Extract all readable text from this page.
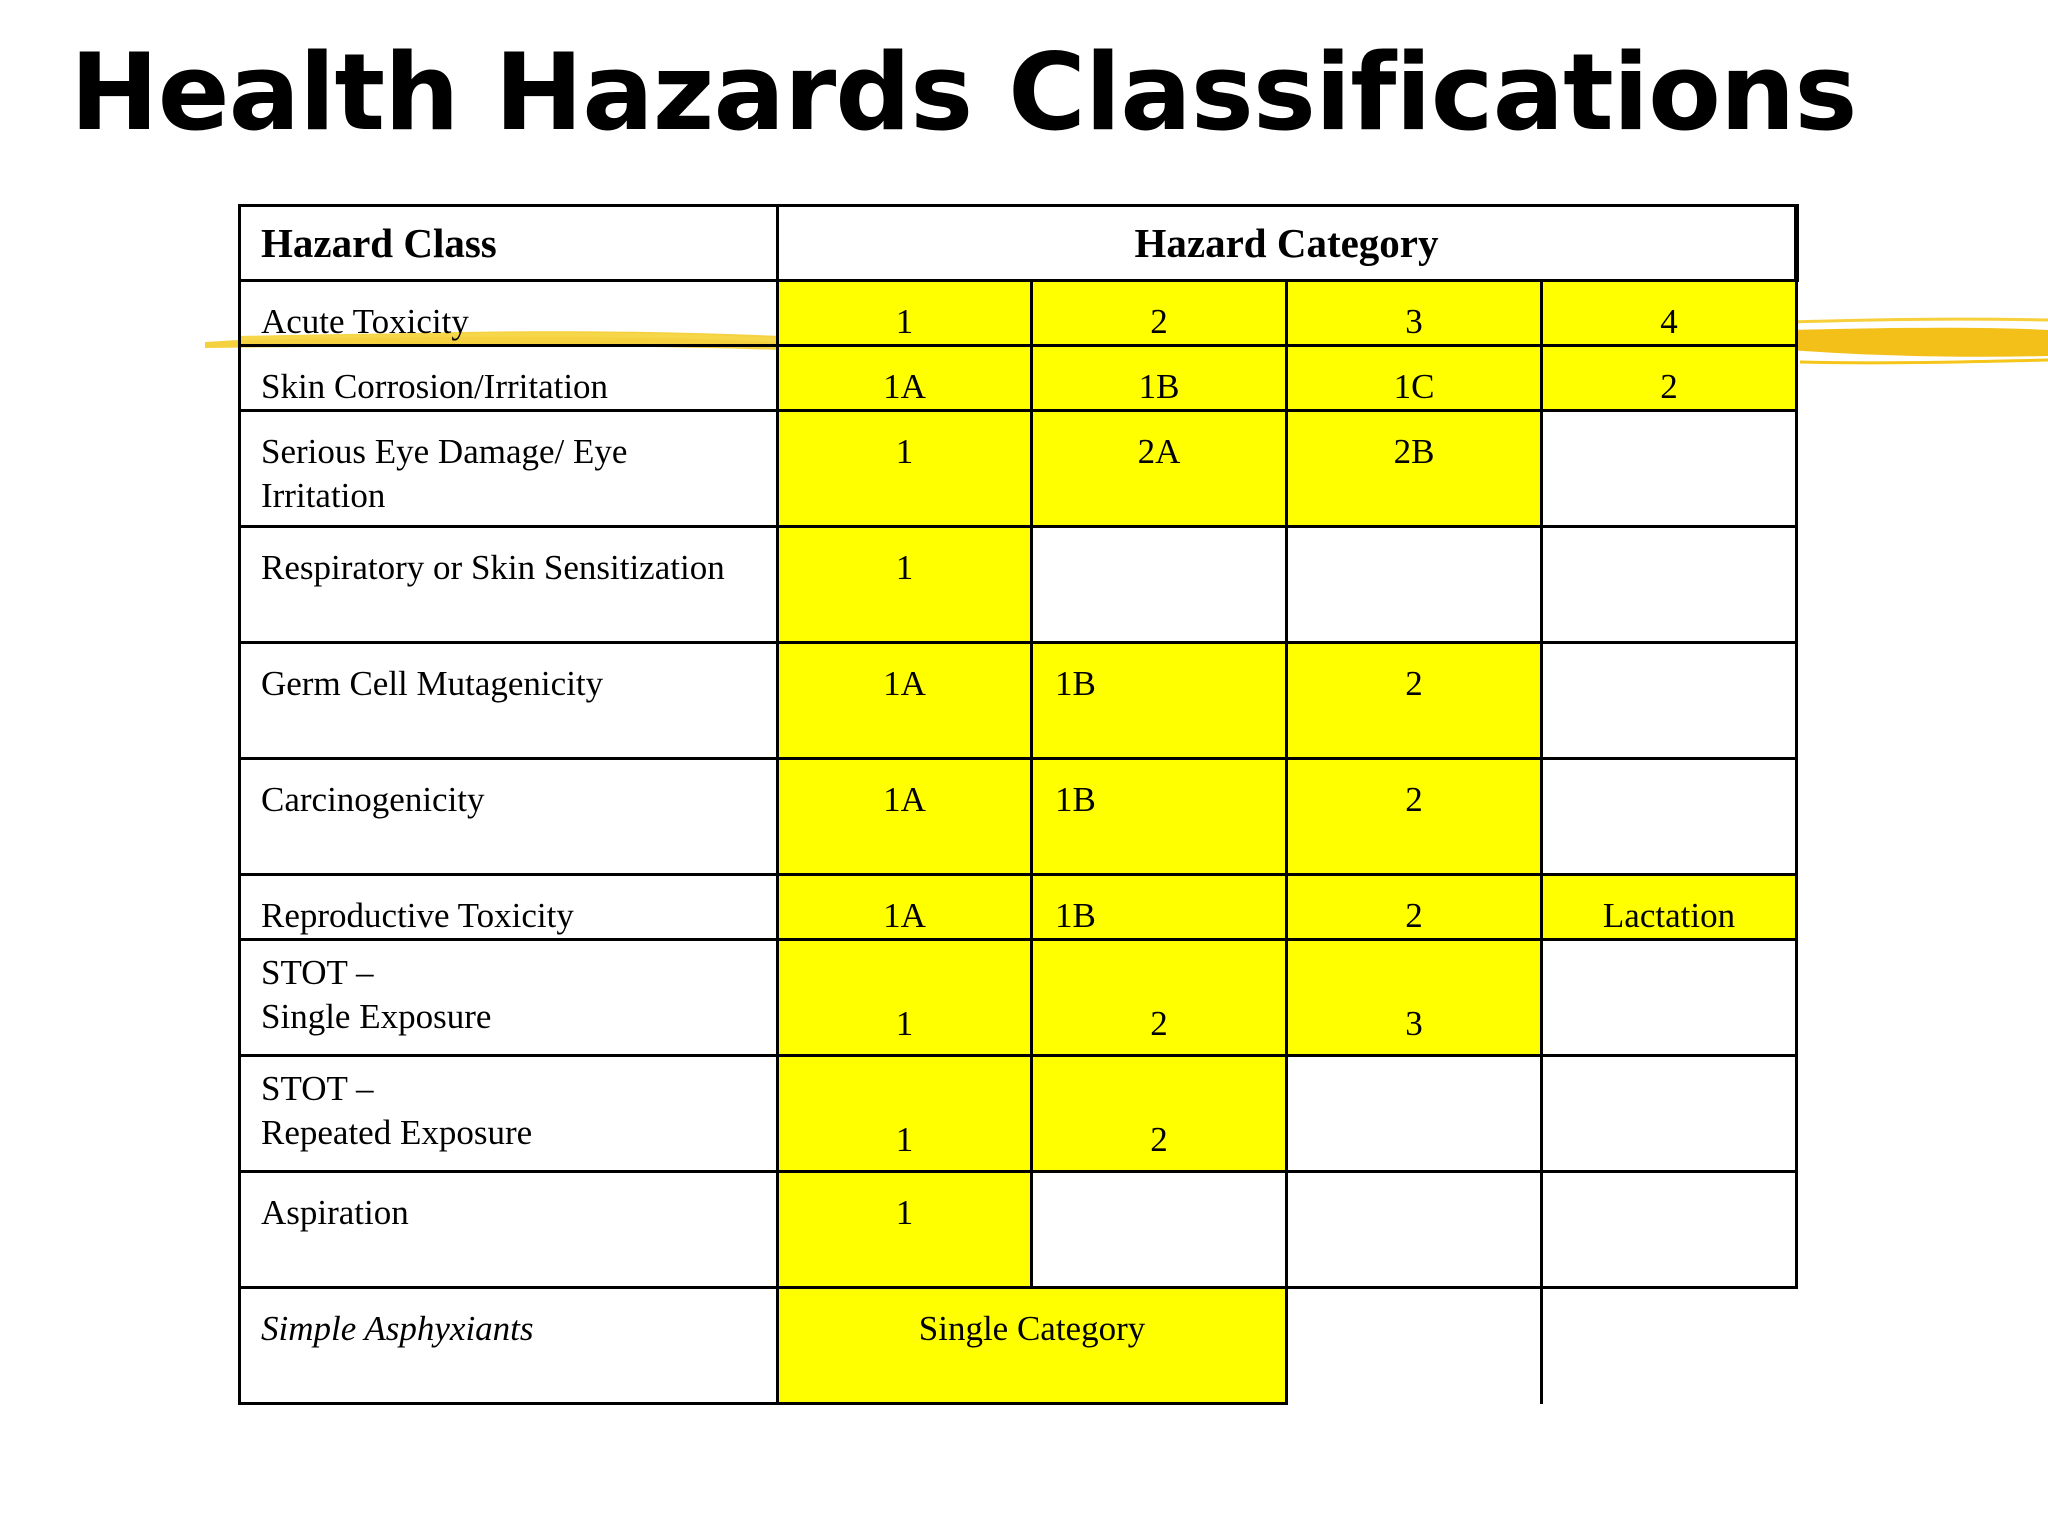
Health Hazards Classifications
Hazard Class	Hazard Category			
Acute Toxicity	1	2	3	4
Skin Corrosion/Irritation	1A	1B	1C	2
Serious Eye Damage/ Eye Irritation	1	2A	2B	
Respiratory or Skin Sensitization	1			
Germ Cell Mutagenicity	1A	1B	2	
Carcinogenicity	1A	1B	2	
Reproductive Toxicity	1A	1B	2	Lactation

STOT –
Single Exposure	1	2	3	

STOT –
Repeated Exposure	1	2		
Aspiration	1			
Simple Asphyxiants	Single Category			
